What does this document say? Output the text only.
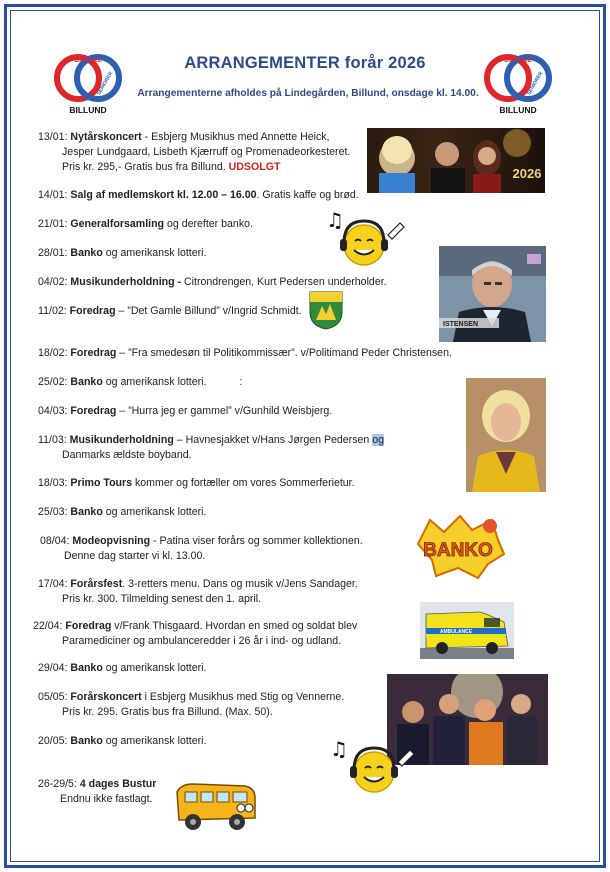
DANSKE
SENIORER
BILLUND
DANSKE
SENIORER
BILLUND
ARRANGEMENTER forår 2026
Arrangementerne afholdes på Lindegården, Billund, onsdage kl. 14.00.
13/01: Nytårskoncert - Esbjerg Musikhus med Annette Heick,
Jesper Lundgaard, Lisbeth Kjærruff og Promenadeorkesteret.
Pris kr. 295,- Gratis bus fra Billund. UDSOLGT
14/01: Salg af medlemskort kl. 12.00 – 16.00. Gratis kaffe og brød.
21/01: Generalforsamling og derefter banko.
28/01: Banko og amerikansk lotteri.
04/02: Musikunderholdning - Citrondrengen, Kurt Pedersen underholder.
11/02: Foredrag – ”Det Gamle Billund” v/Ingrid Schmidt.
18/02: Foredrag – ”Fra smedesøn til Politikommissær”. v/Politimand Peder Christensen.
25/02: Banko og amerikansk lotteri.	:
04/03: Foredrag – ”Hurra jeg er gammel” v/Gunhild Weisbjerg.
11/03: Musikunderholdning – Havnesjakket v/Hans Jørgen Pedersen og
Danmarks ældste boyband.
18/03: Primo Tours kommer og fortæller om vores Sommerferietur.
25/03: Banko og amerikansk lotteri.
08/04: Modeopvisning - Patina viser forårs og sommer kollektionen.
Denne dag starter vi kl. 13.00.
17/04: Forårsfest. 3-retters menu. Dans og musik v/Jens Sandager.
Pris kr. 300. Tilmelding senest den 1. april.
22/04: Foredrag v/Frank Thisgaard. Hvordan en smed og soldat blev
Paramediciner og ambulanceredder i 26 år i ind- og udland.
29/04: Banko og amerikansk lotteri.
05/05: Forårskoncert i Esbjerg Musikhus med Stig og Vennerne.
Pris kr. 295. Gratis bus fra Billund. (Max. 50).
20/05: Banko og amerikansk lotteri.
26-29/5: 4 dages Bustur
Endnu ikke fastlagt.
2026
♫
ISTENSEN
BANKO
AMBULANCE
♫
